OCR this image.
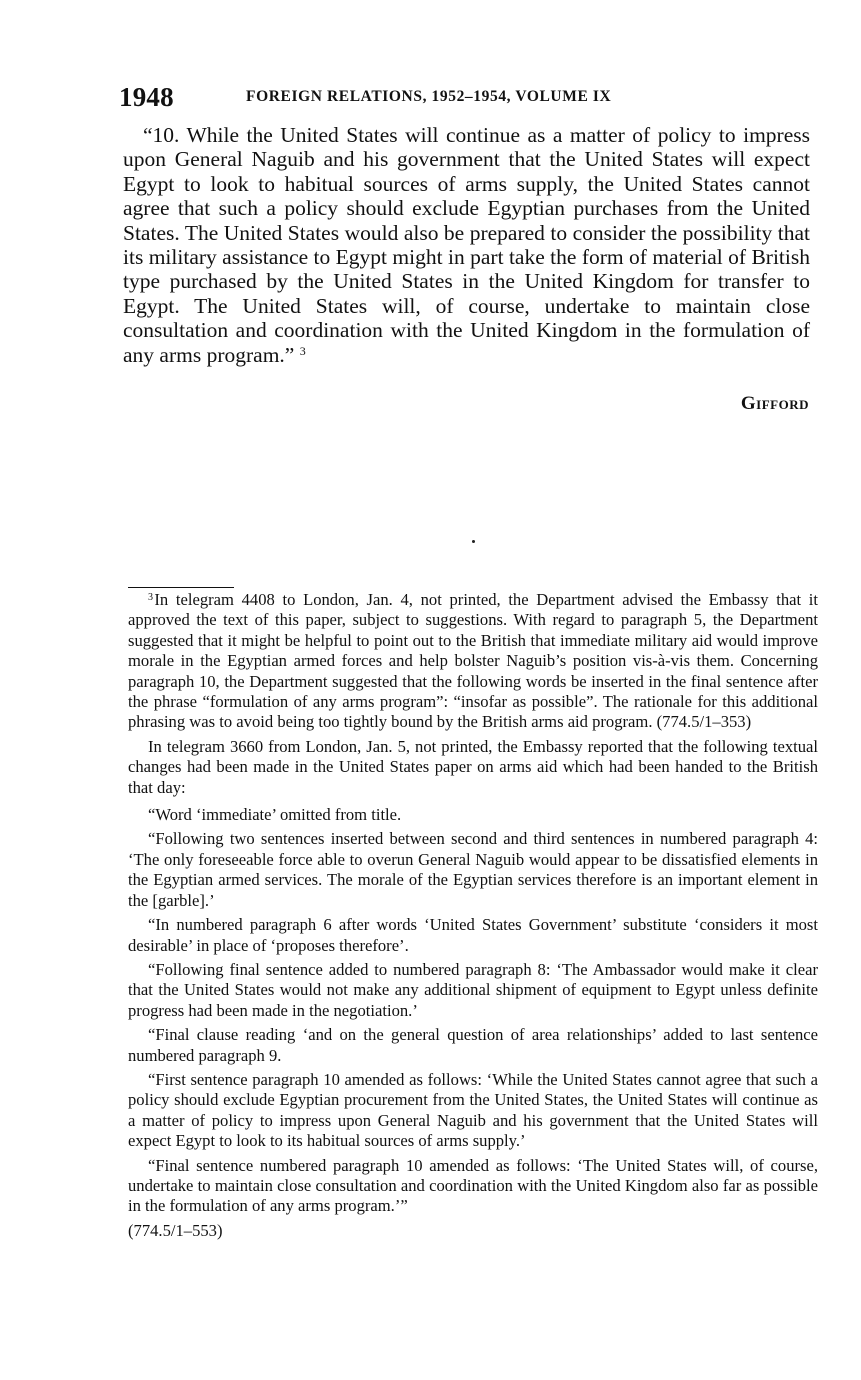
1948	FOREIGN RELATIONS, 1952–1954, VOLUME IX

“10. While the United States will continue as a matter of policy to impress upon General Naguib and his government that the United States will expect Egypt to look to habitual sources of arms supply, the United States cannot agree that such a policy should exclude Egyptian purchases from the United States. The United States would also be prepared to consider the possibility that its military assistance to Egypt might in part take the form of material of British type purchased by the United States in the United Kingdom for transfer to Egypt. The United States will, of course, undertake to maintain close consultation and coordination with the United Kingdom in the formulation of any arms program.” $^3$

Gifford

$^3$ In telegram 4408 to London, Jan. 4, not printed, the Department advised the Embassy that it approved the text of this paper, subject to suggestions. With regard to paragraph 5, the Department suggested that it might be helpful to point out to the British that immediate military aid would improve morale in the Egyptian armed forces and help bolster Naguib’s position vis-à-vis them. Concerning paragraph 10, the Department suggested that the following words be inserted in the final sentence after the phrase “formulation of any arms program”: “insofar as possible”. The rationale for this additional phrasing was to avoid being too tightly bound by the British arms aid program. (774.5/1–353)

In telegram 3660 from London, Jan. 5, not printed, the Embassy reported that the following textual changes had been made in the United States paper on arms aid which had been handed to the British that day:

“Word ‘immediate’ omitted from title.

“Following two sentences inserted between second and third sentences in numbered paragraph 4: ‘The only foreseeable force able to overun General Naguib would appear to be dissatisfied elements in the Egyptian armed services. The morale of the Egyptian services therefore is an important element in the [garble].’

“In numbered paragraph 6 after words ‘United States Government’ substitute ‘considers it most desirable’ in place of ‘proposes therefore’.

“Following final sentence added to numbered paragraph 8: ‘The Ambassador would make it clear that the United States would not make any additional shipment of equipment to Egypt unless definite progress had been made in the negotiation.’

“Final clause reading ‘and on the general question of area relationships’ added to last sentence numbered paragraph 9.

“First sentence paragraph 10 amended as follows: ‘While the United States cannot agree that such a policy should exclude Egyptian procurement from the United States, the United States will continue as a matter of policy to impress upon General Naguib and his government that the United States will expect Egypt to look to its habitual sources of arms supply.’

“Final sentence numbered paragraph 10 amended as follows: ‘The United States will, of course, undertake to maintain close consultation and coordination with the United Kingdom also far as possible in the formulation of any arms program.’”

(774.5/1–553)
